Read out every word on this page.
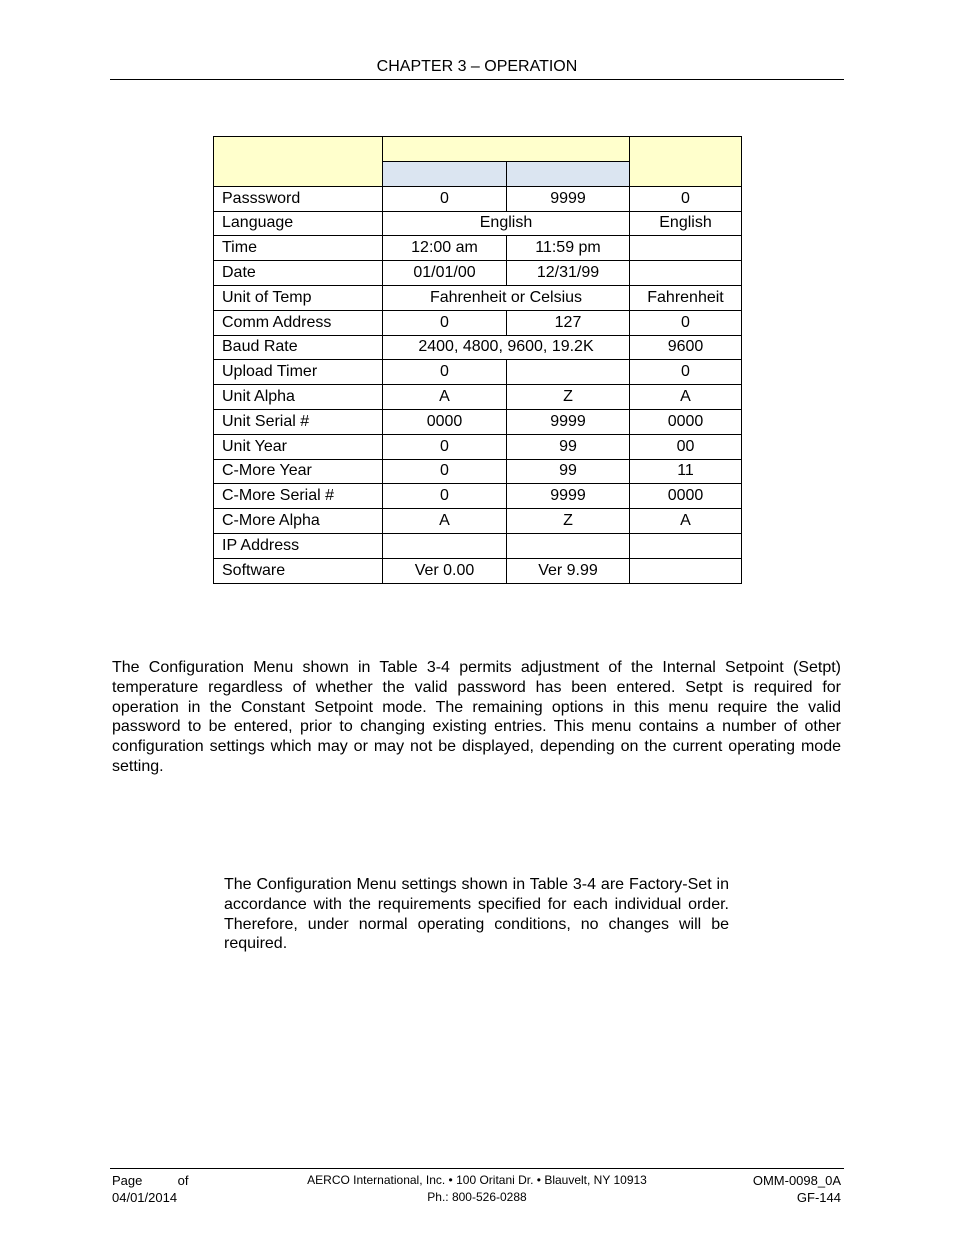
CHAPTER 3 – OPERATION

Passsword	0	9999	0
Language	English		English
Time	12:00 am	11:59 pm	
Date	01/01/00	12/31/99	
Unit of Temp	Fahrenheit or Celsius		Fahrenheit
Comm Address	0	127	0
Baud Rate	2400, 4800, 9600, 19.2K		9600
Upload Timer	0		0
Unit Alpha	A	Z	A
Unit Serial #	0000	9999	0000
Unit Year	0	99	00
C-More Year	0	99	11
C-More Serial #	0	9999	0000
C-More Alpha	A	Z	A
IP Address			
Software	Ver 0.00	Ver 9.99	
The Configuration Menu shown in Table 3-4 permits adjustment of the Internal Setpoint (Setpt) temperature regardless of whether the valid password has been entered. Setpt is required for operation in the Constant Setpoint mode. The remaining options in this menu require the valid password to be entered, prior to changing existing entries. This menu contains a number of other configuration settings which may or may not be displayed, depending on the current operating mode setting.
The Configuration Menu settings shown in Table 3-4 are Factory-Set in accordance with the requirements specified for each individual order. Therefore, under normal operating conditions, no changes will be required.
Page	of
04/01/2014
AERCO International, Inc. • 100 Oritani Dr. • Blauvelt, NY 10913
Ph.: 800-526-0288
OMM-0098_0A
GF-144
